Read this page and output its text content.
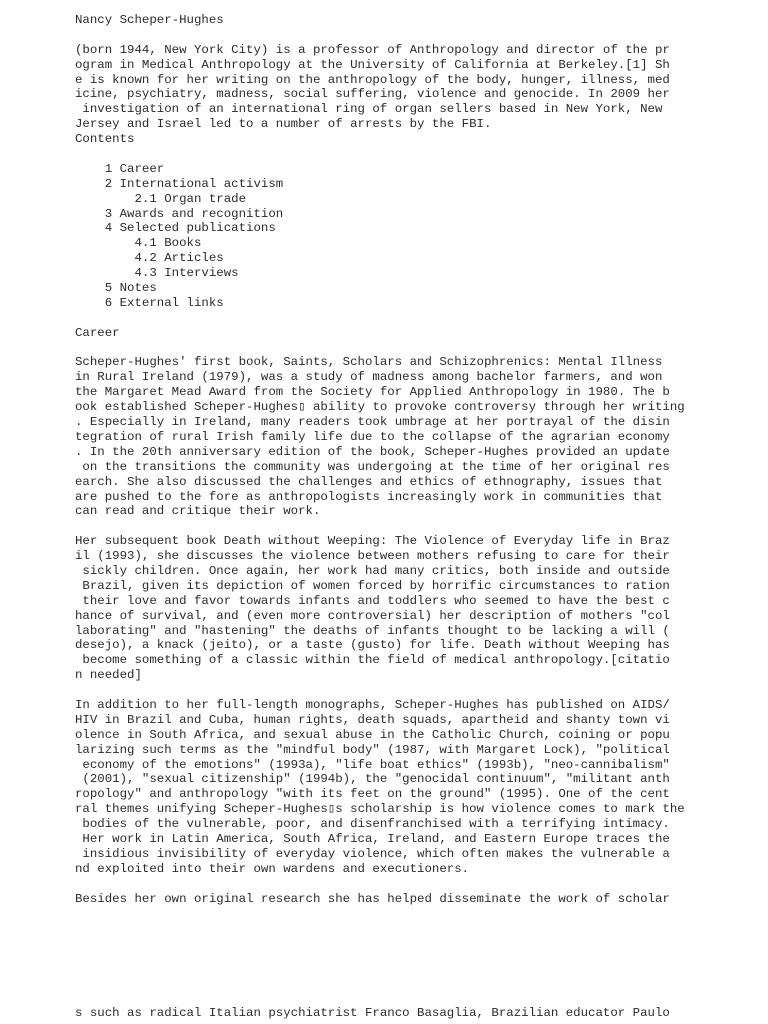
Nancy Scheper-Hughes
(born 1944, New York City) is a professor of Anthropology and director of the pr
ogram in Medical Anthropology at the University of California at Berkeley.[1] Sh
e is known for her writing on the anthropology of the body, hunger, illness, med
icine, psychiatry, madness, social suffering, violence and genocide. In 2009 her
investigation of an international ring of organ sellers based in New York, New
Jersey and Israel led to a number of arrests by the FBI.
Contents
1 Career
2 International activism
2.1 Organ trade
3 Awards and recognition
4 Selected publications
4.1 Books
4.2 Articles
4.3 Interviews
5 Notes
6 External links
Career
Scheper-Hughes' first book, Saints, Scholars and Schizophrenics: Mental Illness
in Rural Ireland (1979), was a study of madness among bachelor farmers, and won
the Margaret Mead Award from the Society for Applied Anthropology in 1980. The b
ook established Scheper-Hughes▯ ability to provoke controversy through her writing
. Especially in Ireland, many readers took umbrage at her portrayal of the disin
tegration of rural Irish family life due to the collapse of the agrarian economy
. In the 20th anniversary edition of the book, Scheper-Hughes provided an update
on the transitions the community was undergoing at the time of her original res
earch. She also discussed the challenges and ethics of ethnography, issues that
are pushed to the fore as anthropologists increasingly work in communities that
can read and critique their work.
Her subsequent book Death without Weeping: The Violence of Everyday life in Braz
il (1993), she discusses the violence between mothers refusing to care for their
sickly children. Once again, her work had many critics, both inside and outside
Brazil, given its depiction of women forced by horrific circumstances to ration
their love and favor towards infants and toddlers who seemed to have the best c
hance of survival, and (even more controversial) her description of mothers "col
laborating" and "hastening" the deaths of infants thought to be lacking a will (
desejo), a knack (jeito), or a taste (gusto) for life. Death without Weeping has
become something of a classic within the field of medical anthropology.[citatio
n needed]
In addition to her full-length monographs, Scheper-Hughes has published on AIDS/
HIV in Brazil and Cuba, human rights, death squads, apartheid and shanty town vi
olence in South Africa, and sexual abuse in the Catholic Church, coining or popu
larizing such terms as the "mindful body" (1987, with Margaret Lock), "political
economy of the emotions" (1993a), "life boat ethics" (1993b), "neo-cannibalism"
(2001), "sexual citizenship" (1994b), the "genocidal continuum", "militant anth
ropology" and anthropology "with its feet on the ground" (1995). One of the cent
ral themes unifying Scheper-Hughes▯s scholarship is how violence comes to mark the
bodies of the vulnerable, poor, and disenfranchised with a terrifying intimacy.
Her work in Latin America, South Africa, Ireland, and Eastern Europe traces the
insidious invisibility of everyday violence, which often makes the vulnerable a
nd exploited into their own wardens and executioners.
Besides her own original research she has helped disseminate the work of scholar
s such as radical Italian psychiatrist Franco Basaglia, Brazilian educator Paulo
